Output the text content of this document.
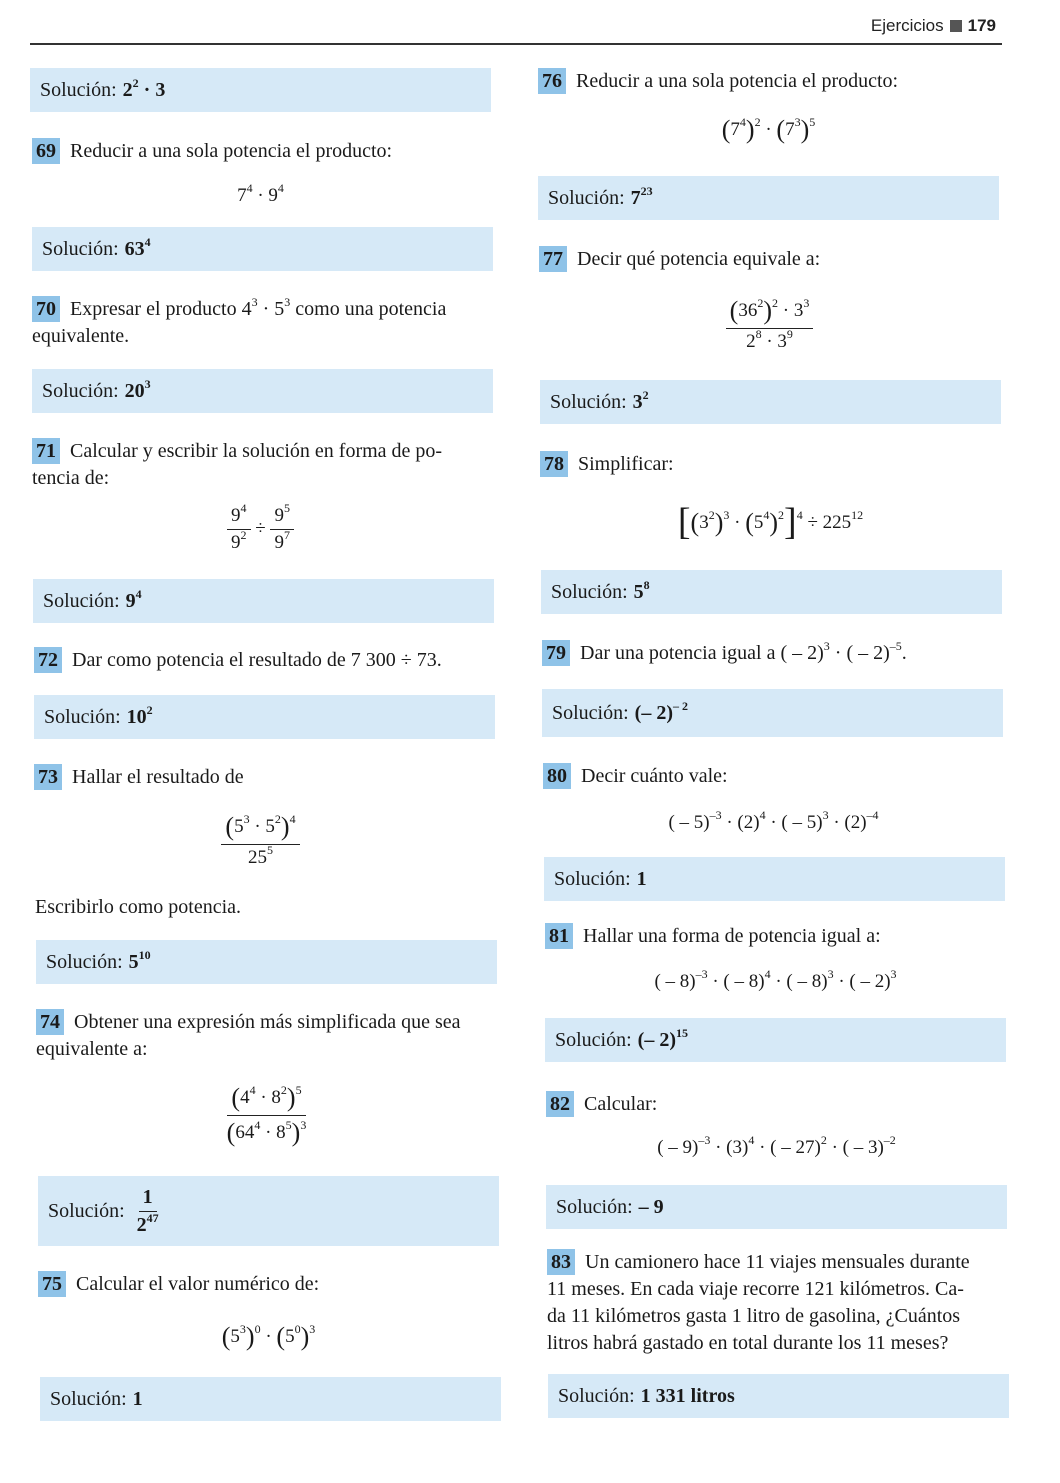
Ejercicios 179
Solución: $2^2 \cdot 3$
69 Reducir a una sola potencia el producto:
$7^4 \cdot 9^4$
Solución: $63^4$
70 Expresar el producto $4^3 \cdot 5^3$ como una potencia
equivalente.
Solución: $20^3$
71 Calcular y escribir la solución en forma de po-
tencia de:
$\frac{9^4}{9^2} \div \frac{9^5}{9^7}$
Solución: $9^4$
72 Dar como potencia el resultado de 7 300 ÷ 73.
Solución: $10^2$
73 Hallar el resultado de
$\frac{(5^3 \cdot 5^2)^4}{25^5}$
Escribirlo como potencia.
Solución: $5^{10}$
74 Obtener una expresión más simplificada que sea
equivalente a:
$\frac{(4^4 \cdot 8^2)^5}{(64^4 \cdot 8^5)^3}$
Solución: $\frac{1}{2^{47}}$
75 Calcular el valor numérico de:
$(5^3)^0 \cdot (5^0)^3$
Solución: 1
76 Reducir a una sola potencia el producto:
$(7^4)^2 \cdot (7^3)^5$
Solución: $7^{23}$
77 Decir qué potencia equivale a:
$\frac{(36^2)^2 \cdot 3^3}{2^8 \cdot 3^9}$
Solución: $3^2$
78 Simplificar:
$[(3^2)^3 \cdot (5^4)^2]^4 \div 225^{12}$
Solución: $5^8$
79 Dar una potencia igual a ( – 2)$^3$ · ( – 2)$^{-5}$.
Solución: (– 2)$^{- 2}$
80 Decir cuánto vale:
( – $5)^{-3} \cdot (2)^4$ · ( – $5)^3 \cdot (2)^{-4}$
Solución: 1
81 Hallar una forma de potencia igual a:
( – 8)$^{-3}$ · ( – 8)$^4$ · ( – 8)$^3$ · ( – 2)$^3$
Solución: (– 2)$^{15}$
82 Calcular:
( – $9)^{-3} \cdot (3)^4$ · ( – 27)$^2$ · ( – 3)$^{-2}$
Solución: – 9
83 Un camionero hace 11 viajes mensuales durante
11 meses. En cada viaje recorre 121 kilómetros. Ca-
da 11 kilómetros gasta 1 litro de gasolina, ¿Cuántos
litros habrá gastado en total durante los 11 meses?
Solución: 1 331 litros
